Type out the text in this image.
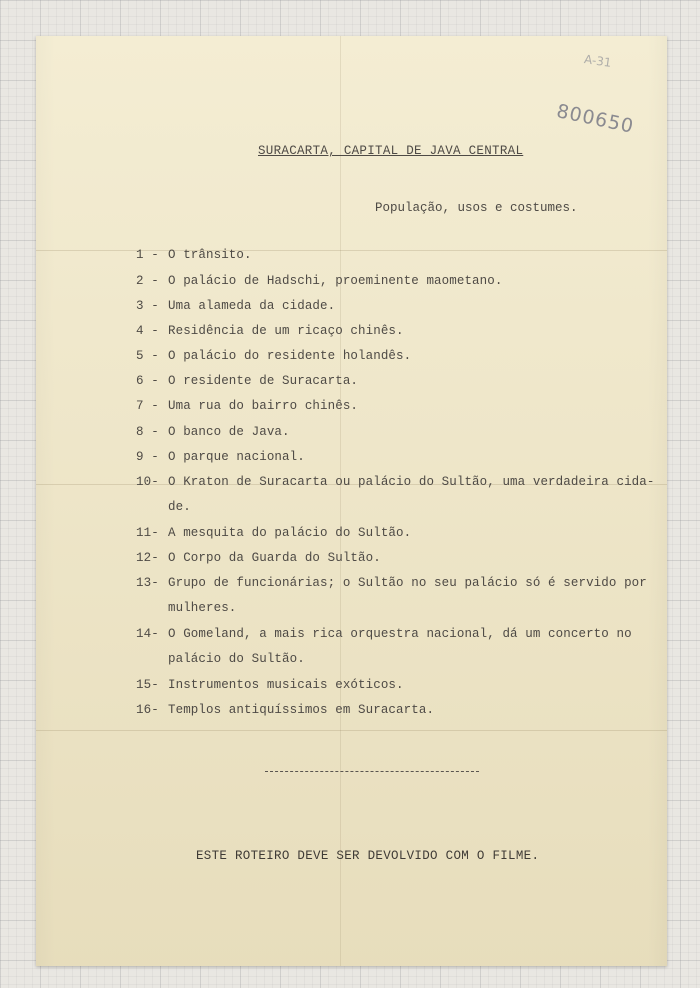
A-31
800650
SURACARTA, CAPITAL DE JAVA CENTRAL
População, usos e costumes.
1 - O trânsito.
2 - O palácio de Hadschi, proeminente maometano.
3 - Uma alameda da cidade.
4 - Residência de um ricaço chinês.
5 - O palácio do residente holandês.
6 - O residente de Suracarta.
7 - Uma rua do bairro chinês.
8 - O banco de Java.
9 - O parque nacional.
10- O Kraton de Suracarta ou palácio do Sultão, uma verdadeira cida-
de.
11- A mesquita do palácio do Sultão.
12- O Corpo da Guarda do Sultão.
13- Grupo de funcionárias; o Sultão no seu palácio só é servido por
mulheres.
14- O Gomeland, a mais rica orquestra nacional, dá um concerto no
palácio do Sultão.
15- Instrumentos musicais exóticos.
16- Templos antiquíssimos em Suracarta.
ESTE ROTEIRO DEVE SER DEVOLVIDO COM O FILME.
